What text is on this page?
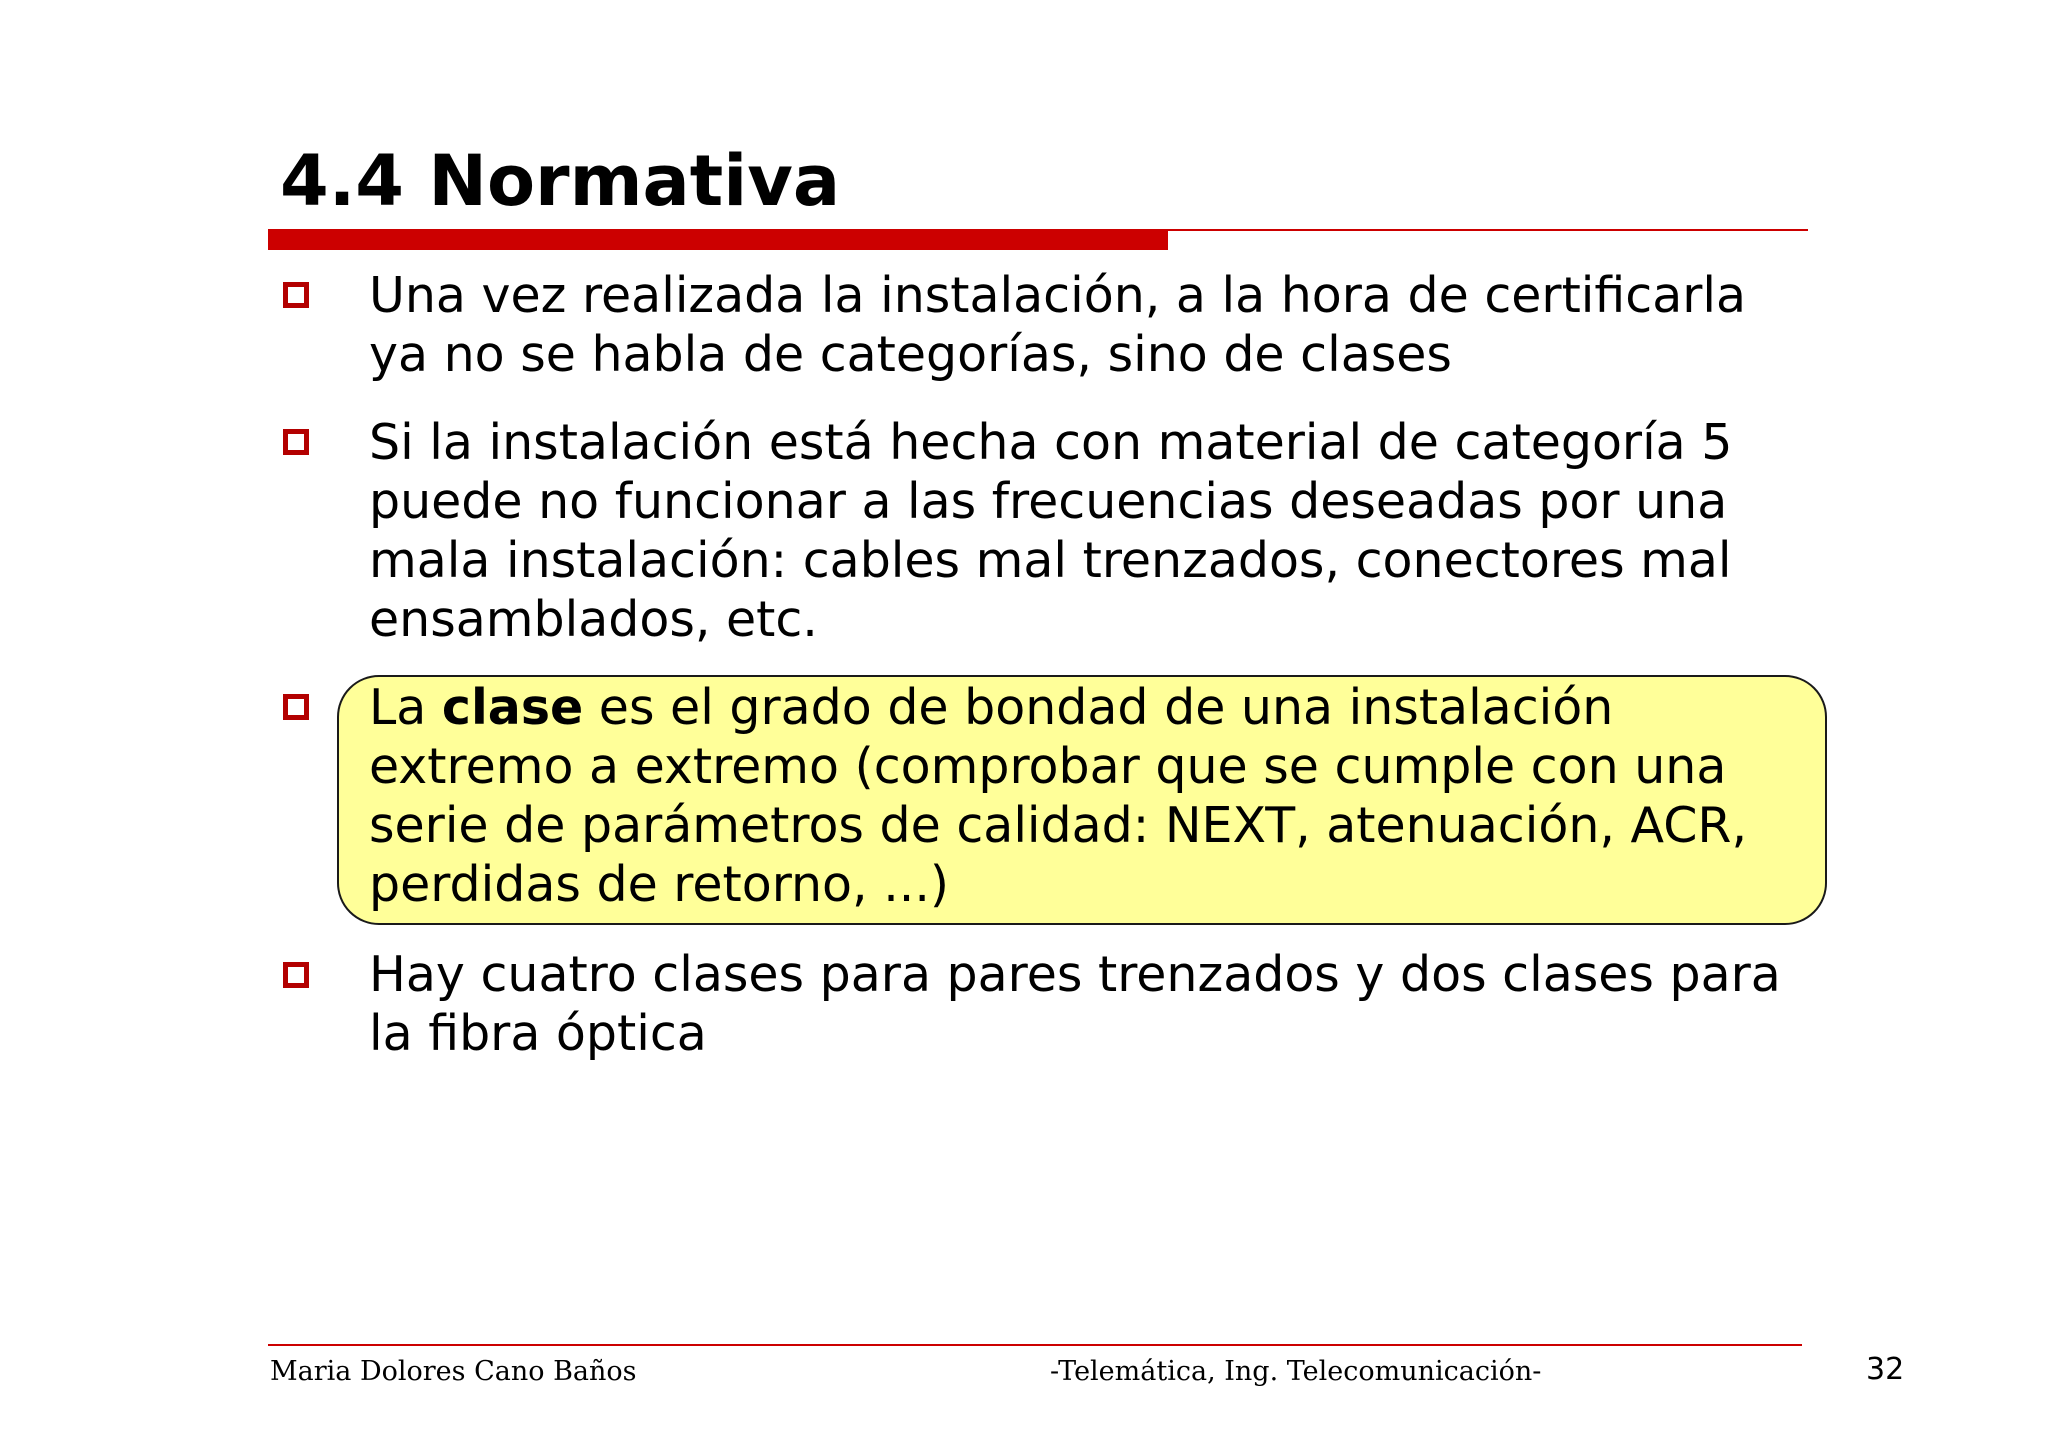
4.4 Normativa
Una vez realizada la instalación, a la hora de certificarla
ya no se habla de categorías, sino de clases
Si la instalación está hecha con material de categoría 5
puede no funcionar a las frecuencias deseadas por una
mala instalación: cables mal trenzados, conectores mal
ensamblados, etc.
La clase es el grado de bondad de una instalación
extremo a extremo (comprobar que se cumple con una
serie de parámetros de calidad: NEXT, atenuación, ACR,
perdidas de retorno, ...)
Hay cuatro clases para pares trenzados y dos clases para
la fibra óptica
Maria Dolores Cano Baños	-Telemática, Ing. Telecomunicación-	32
